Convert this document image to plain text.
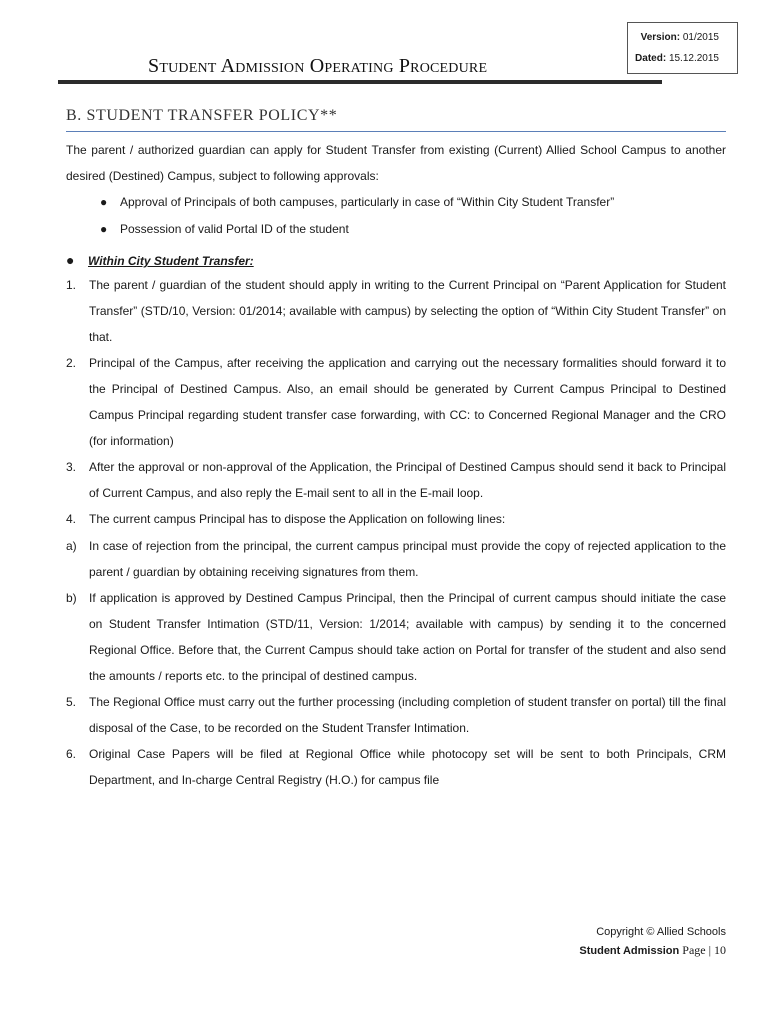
Student Admission Operating Procedure
Version: 01/2015
Dated: 15.12.2015
B. STUDENT TRANSFER POLICY**
The parent / authorized guardian can apply for Student Transfer from existing (Current) Allied School Campus to another desired (Destined) Campus, subject to following approvals:
● Approval of Principals of both campuses, particularly in case of “Within City Student Transfer”
● Possession of valid Portal ID of the student
● Within City Student Transfer:
1. The parent / guardian of the student should apply in writing to the Current Principal on “Parent Application for Student Transfer” (STD/10, Version: 01/2014; available with campus) by selecting the option of “Within City Student Transfer” on that.
2. Principal of the Campus, after receiving the application and carrying out the necessary formalities should forward it to the Principal of Destined Campus. Also, an email should be generated by Current Campus Principal to Destined Campus Principal regarding student transfer case forwarding, with CC: to Concerned Regional Manager and the CRO (for information)
3. After the approval or non-approval of the Application, the Principal of Destined Campus should send it back to Principal of Current Campus, and also reply the E-mail sent to all in the E-mail loop.
4. The current campus Principal has to dispose the Application on following lines:
a) In case of rejection from the principal, the current campus principal must provide the copy of rejected application to the parent / guardian by obtaining receiving signatures from them.
b) If application is approved by Destined Campus Principal, then the Principal of current campus should initiate the case on Student Transfer Intimation (STD/11, Version: 1/2014; available with campus) by sending it to the concerned Regional Office. Before that, the Current Campus should take action on Portal for transfer of the student and also send the amounts / reports etc. to the principal of destined campus.
5. The Regional Office must carry out the further processing (including completion of student transfer on portal) till the final disposal of the Case, to be recorded on the Student Transfer Intimation.
6. Original Case Papers will be filed at Regional Office while photocopy set will be sent to both Principals, CRM Department, and In-charge Central Registry (H.O.) for campus file
Copyright © Allied Schools
Student Admission Page | 10
